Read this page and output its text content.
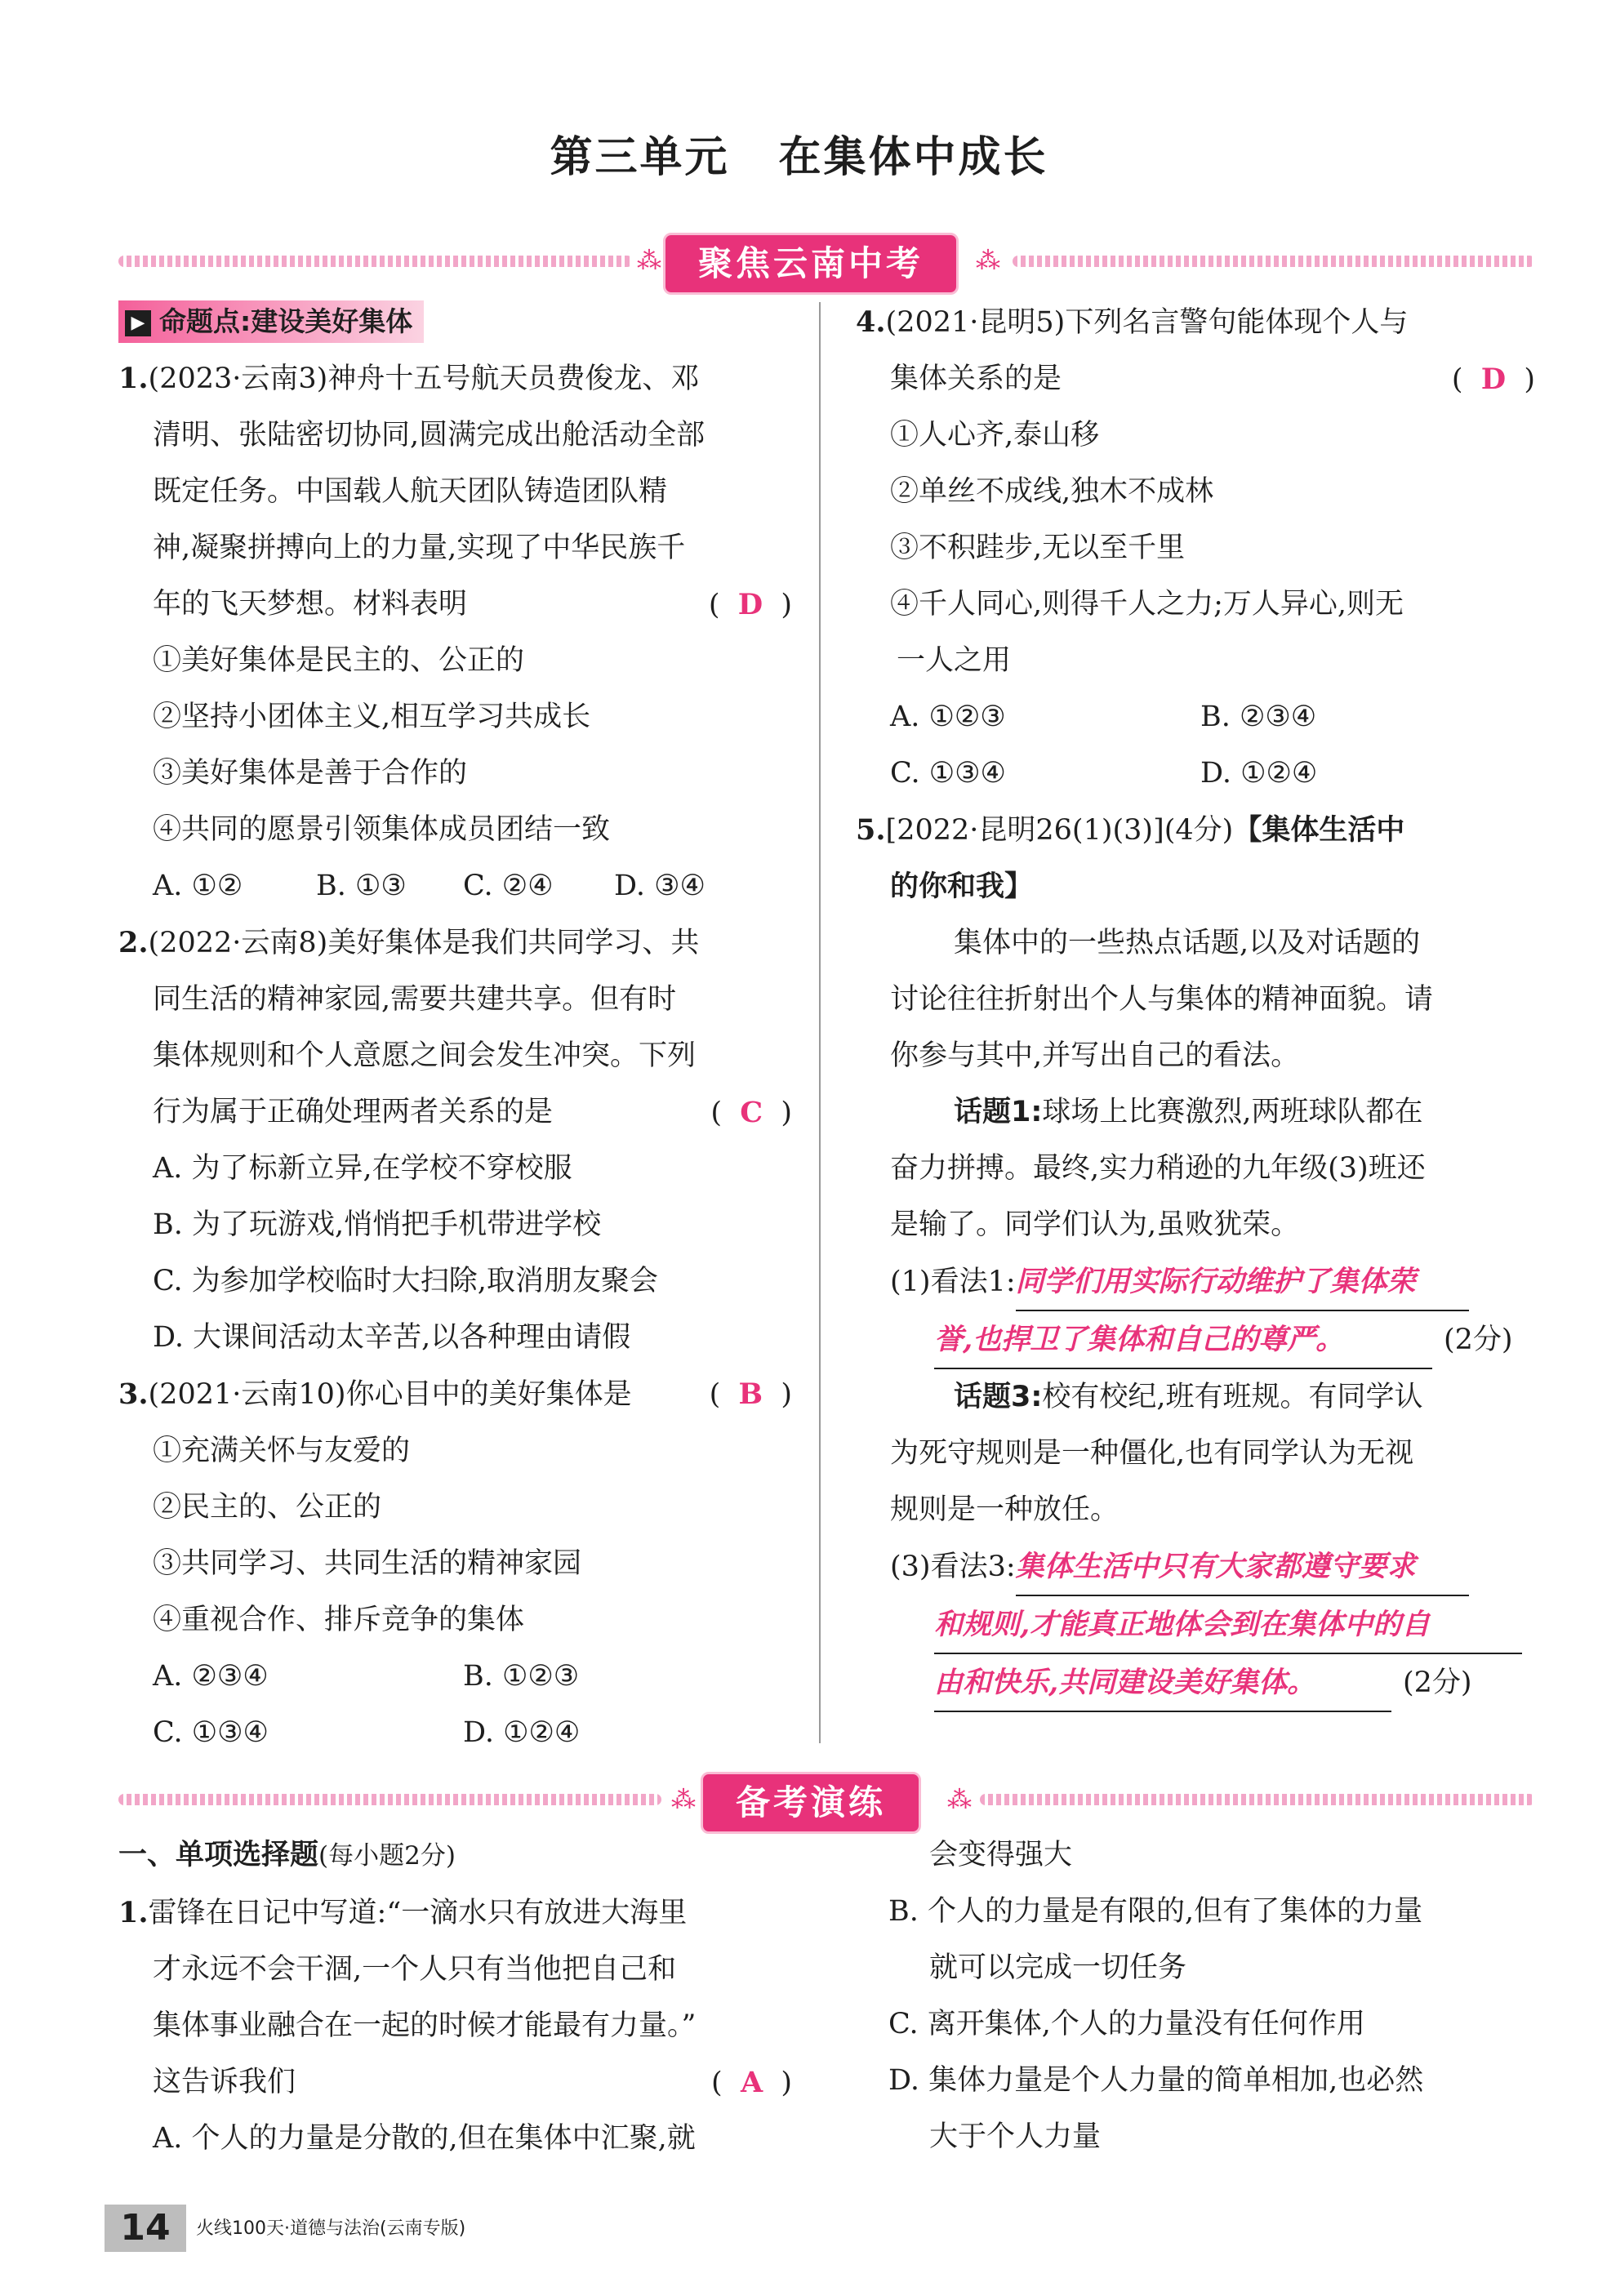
第三单元 在集体中成长
⁂	聚焦云南中考	⁂

▶ 命题点:建设美好集体

1.(2023·云南3)神舟十五号航天员费俊龙、邓

清明、张陆密切协同,圆满完成出舱活动全部

既定任务。中国载人航天团队铸造团队精

神,凝聚拼搏向上的力量,实现了中华民族千

年的飞天梦想。材料表明	(  D  )

①美好集体是民主的、公正的

②坚持小团体主义,相互学习共成长

③美好集体是善于合作的

④共同的愿景引领集体成员团结一致

A. ①②	B. ①③ C. ②④ D. ③④

2.(2022·云南8)美好集体是我们共同学习、共

同生活的精神家园,需要共建共享。但有时

集体规则和个人意愿之间会发生冲突。下列

行为属于正确处理两者关系的是	(  C  )

A. 为了标新立异,在学校不穿校服

B. 为了玩游戏,悄悄把手机带进学校

C. 为参加学校临时大扫除,取消朋友聚会

D. 大课间活动太辛苦,以各种理由请假

3.(2021·云南10)你心目中的美好集体是	(  B  )

①充满关怀与友爱的

②民主的、公正的

③共同学习、共同生活的精神家园

④重视合作、排斥竞争的集体

A. ②③④	B. ①②③

C. ①③④	D. ①②④

4.(2021·昆明5)下列名言警句能体现个人与

集体关系的是	(  D  )

①人心齐,泰山移

②单丝不成线,独木不成林

③不积跬步,无以至千里

④千人同心,则得千人之力;万人异心,则无

一人之用

A. ①②③	B. ②③④

C. ①③④	D. ①②④

5.[2022·昆明26(1)(3)](4分)【集体生活中

的你和我】

集体中的一些热点话题,以及对话题的

讨论往往折射出个人与集体的精神面貌。请

你参与其中,并写出自己的看法。

话题1:球场上比赛激烈,两班球队都在

奋力拼搏。最终,实力稍逊的九年级(3)班还

是输了。同学们认为,虽败犹荣。

(1)看法1:同学们用实际行动维护了集体荣

誉,也捍卫了集体和自己的尊严。	(2分)

话题3:校有校纪,班有班规。有同学认

为死守规则是一种僵化,也有同学认为无视

规则是一种放任。

(3)看法3:集体生活中只有大家都遵守要求

和规则,才能真正地体会到在集体中的自

由和快乐,共同建设美好集体。	(2分)

⁂	备考演练	⁂

一、单项选择题(每小题2分)

1.雷锋在日记中写道:“一滴水只有放进大海里

才永远不会干涸,一个人只有当他把自己和

集体事业融合在一起的时候才能最有力量。”

这告诉我们	(  A  )

A. 个人的力量是分散的,但在集体中汇聚,就

会变得强大

B. 个人的力量是有限的,但有了集体的力量

就可以完成一切任务

C. 离开集体,个人的力量没有任何作用

D. 集体力量是个人力量的简单相加,也必然

大于个人力量

14	火线100天·道德与法治(云南专版)
